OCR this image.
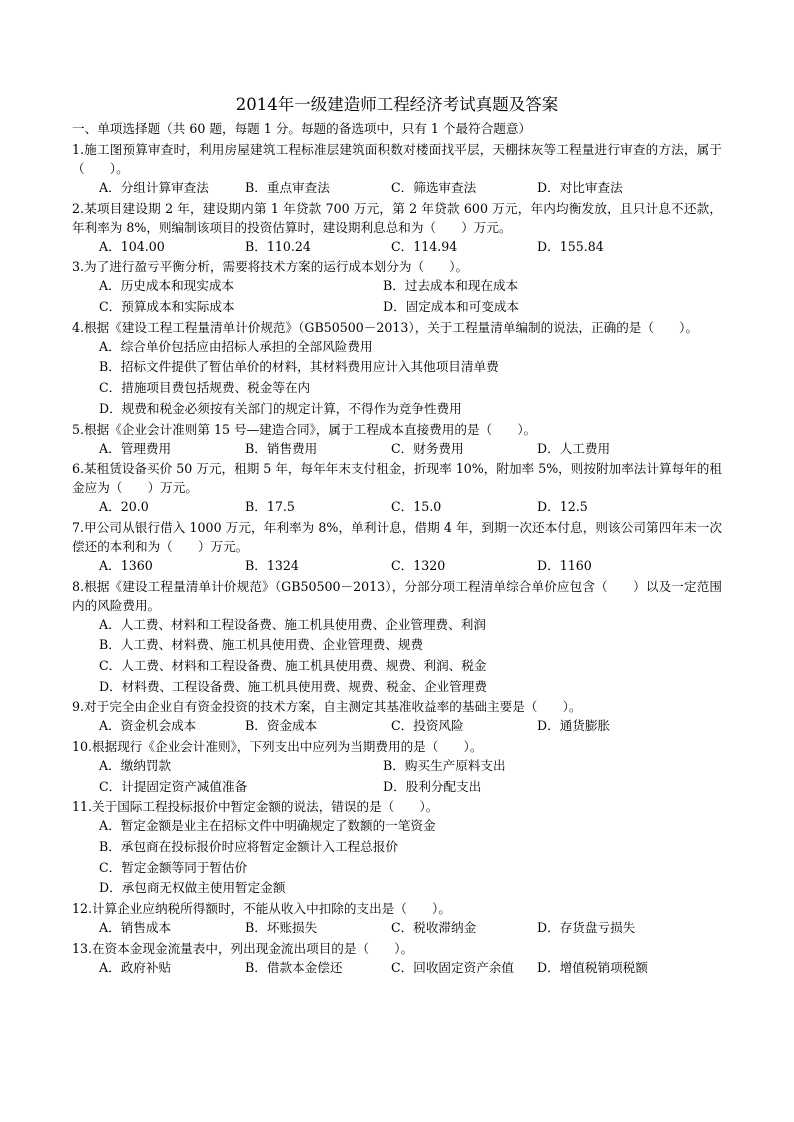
2014年一级建造师工程经济考试真题及答案
一、单项选择题（共 60 题，每题 1 分。每题的备选项中，只有 1 个最符合题意）

1.施工图预算审查时，利用房屋建筑工程标准层建筑面积数对楼面找平层，天棚抹灰等工程量进行审查的方法，属于（　　）。

A．分组计算审查法	B．重点审查法	C．筛选审查法	D．对比审查法

2.某项目建设期 2 年，建设期内第 1 年贷款 700 万元，第 2 年贷款 600 万元，年内均衡发放，且只计息不还款，年利率为 8%，则编制该项目的投资估算时，建设期利息总和为（　　）万元。

A．104.00	B．110.24	C．114.94	D．155.84

3.为了进行盈亏平衡分析，需要将技术方案的运行成本划分为（　　）。

A．历史成本和现实成本	B．过去成本和现在成本
C．预算成本和实际成本	D．固定成本和可变成本

4.根据《建设工程工程量清单计价规范》（GB50500－2013），关于工程量清单编制的说法，正确的是（　　）。

A．综合单价包括应由招标人承担的全部风险费用
B．招标文件提供了暂估单价的材料，其材料费用应计入其他项目清单费
C．措施项目费包括规费、税金等在内
D．规费和税金必须按有关部门的规定计算，不得作为竞争性费用

5.根据《企业会计准则第 15 号—建造合同》，属于工程成本直接费用的是（　　）。

A．管理费用	B．销售费用	C．财务费用	D．人工费用

6.某租赁设备买价 50 万元，租期 5 年，每年年末支付租金，折现率 10%，附加率 5%，则按附加率法计算每年的租金应为（　　）万元。

A．20.0	B．17.5	C．15.0	D．12.5

7.甲公司从银行借入 1000 万元，年利率为 8%，单利计息，借期 4 年，到期一次还本付息，则该公司第四年末一次偿还的本利和为（　　）万元。

A．1360	B．1324	C．1320	D．1160

8.根据《建设工程量清单计价规范》（GB50500－2013），分部分项工程清单综合单价应包含（　　）以及一定范围内的风险费用。

A．人工费、材料和工程设备费、施工机具使用费、企业管理费、利润
B．人工费、材料费、施工机具使用费、企业管理费、规费
C．人工费、材料和工程设备费、施工机具使用费、规费、利润、税金
D．材料费、工程设备费、施工机具使用费、规费、税金、企业管理费

9.对于完全由企业自有资金投资的技术方案，自主测定其基准收益率的基础主要是（　　）。

A．资金机会成本	B．资金成本	C．投资风险	D．通货膨胀

10.根据现行《企业会计准则》，下列支出中应列为当期费用的是（　　）。

A．缴纳罚款	B．购买生产原料支出
C．计提固定资产减值准备	D．股利分配支出

11.关于国际工程投标报价中暂定金额的说法，错误的是（　　）。

A．暂定金额是业主在招标文件中明确规定了数额的一笔资金
B．承包商在投标报价时应将暂定金额计入工程总报价
C．暂定金额等同于暂估价
D．承包商无权做主使用暂定金额

12.计算企业应纳税所得额时，不能从收入中扣除的支出是（　　）。

A．销售成本	B．坏账损失	C．税收滞纳金	D．存货盘亏损失

13.在资本金现金流量表中，列出现金流出项目的是（　　）。

A．政府补贴	B．借款本金偿还	C．回收固定资产余值	D．增值税销项税额
